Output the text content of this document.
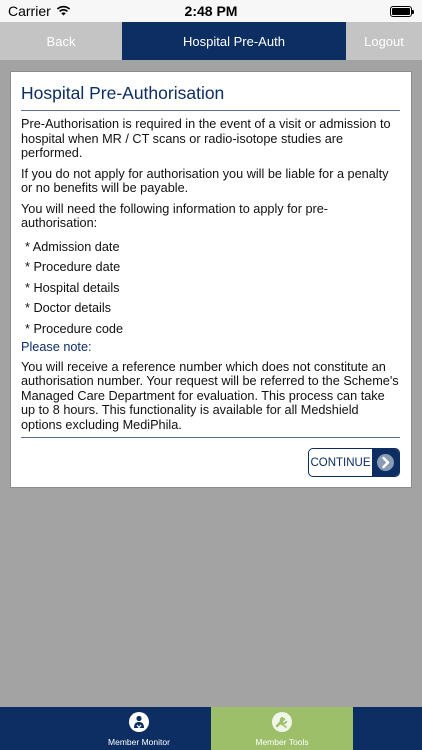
Carrier	2:48 PM
Back	Hospital Pre-Auth	Logout
Hospital Pre-Authorisation

Pre-Authorisation is required in the event of a visit or admission to hospital when MR / CT scans or radio-isotope studies are performed.

If you do not apply for authorisation you will be liable for a penalty or no benefits will be payable.

You will need the following information to apply for pre-authorisation:

* Admission date
* Procedure date
* Hospital details
* Doctor details
* Procedure code
Please note:

You will receive a reference number which does not constitute an authorisation number. Your request will be referred to the Scheme's Managed Care Department for evaluation. This process can take up to 8 hours. This functionality is available for all Medshield options excluding MediPhila.

CONTINUE
Member Monitor	Member Tools
